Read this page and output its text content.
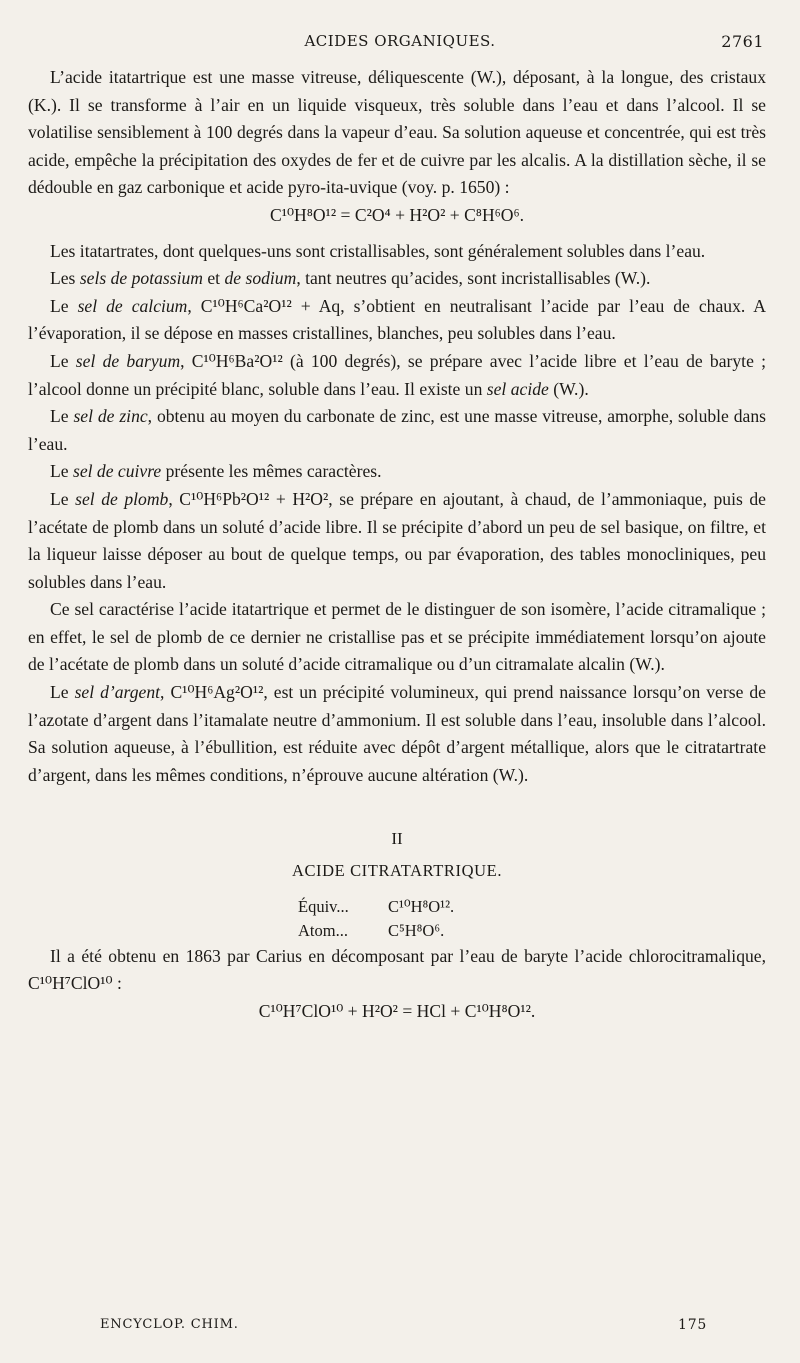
ACIDES ORGANIQUES.	2761

L’acide itatartrique est une masse vitreuse, déliquescente (W.), déposant, à la longue, des cristaux (K.). Il se transforme à l’air en un liquide visqueux, très soluble dans l’eau et dans l’alcool. Il se volatilise sensiblement à 100 degrés dans la vapeur d’eau. Sa solution aqueuse et concentrée, qui est très acide, empêche la précipitation des oxydes de fer et de cuivre par les alcalis. A la distillation sèche, il se dédouble en gaz carbonique et acide pyro-ita-uvique (voy. p. 1650) :

C¹⁰H⁸O¹² = C²O⁴ + H²O² + C⁸H⁶O⁶.

Les itatartrates, dont quelques-uns sont cristallisables, sont généralement solubles dans l’eau.

Les sels de potassium et de sodium, tant neutres qu’acides, sont incristallisables (W.).

Le sel de calcium, C¹⁰H⁶Ca²O¹² + Aq, s’obtient en neutralisant l’acide par l’eau de chaux. A l’évaporation, il se dépose en masses cristallines, blanches, peu solubles dans l’eau.

Le sel de baryum, C¹⁰H⁶Ba²O¹² (à 100 degrés), se prépare avec l’acide libre et l’eau de baryte ; l’alcool donne un précipité blanc, soluble dans l’eau. Il existe un sel acide (W.).

Le sel de zinc, obtenu au moyen du carbonate de zinc, est une masse vitreuse, amorphe, soluble dans l’eau.

Le sel de cuivre présente les mêmes caractères.

Le sel de plomb, C¹⁰H⁶Pb²O¹² + H²O², se prépare en ajoutant, à chaud, de l’ammoniaque, puis de l’acétate de plomb dans un soluté d’acide libre. Il se précipite d’abord un peu de sel basique, on filtre, et la liqueur laisse déposer au bout de quelque temps, ou par évaporation, des tables monocliniques, peu solubles dans l’eau.

Ce sel caractérise l’acide itatartrique et permet de le distinguer de son isomère, l’acide citramalique ; en effet, le sel de plomb de ce dernier ne cristallise pas et se précipite immédiatement lorsqu’on ajoute de l’acétate de plomb dans un soluté d’acide citramalique ou d’un citramalate alcalin (W.).

Le sel d’argent, C¹⁰H⁶Ag²O¹², est un précipité volumineux, qui prend naissance lorsqu’on verse de l’azotate d’argent dans l’itamalate neutre d’ammonium. Il est soluble dans l’eau, insoluble dans l’alcool. Sa solution aqueuse, à l’ébullition, est réduite avec dépôt d’argent métallique, alors que le citratartrate d’argent, dans les mêmes conditions, n’éprouve aucune altération (W.).

II
ACIDE CITRATARTRIQUE.
Équiv... C¹⁰H⁸O¹².
Atom... C⁵H⁸O⁶.

Il a été obtenu en 1863 par Carius en décomposant par l’eau de baryte l’acide chlorocitramalique, C¹⁰H⁷ClO¹⁰ :

C¹⁰H⁷ClO¹⁰ + H²O² = HCl + C¹⁰H⁸O¹².

ENCYCLOP. CHIM.	175
